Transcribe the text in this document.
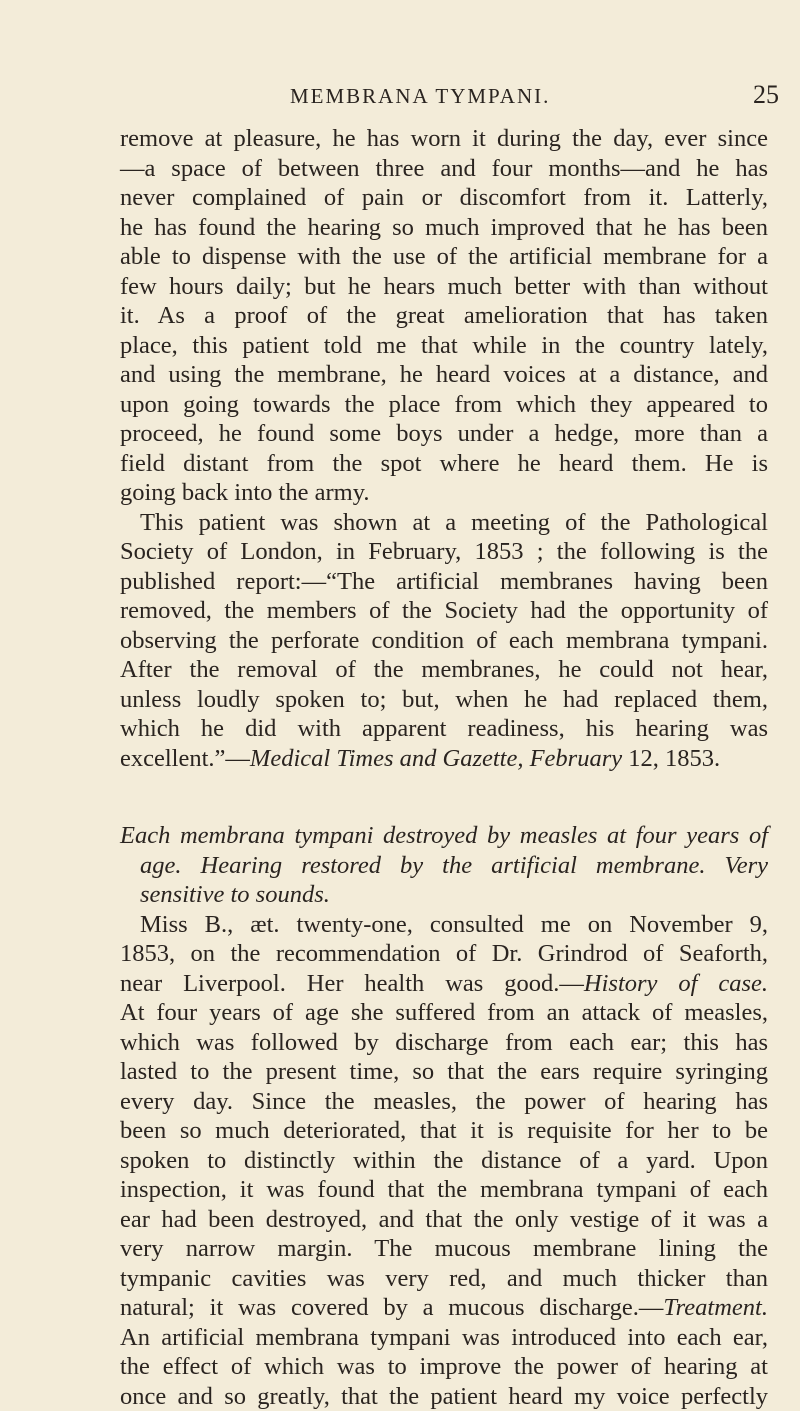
MEMBRANA TYMPANI.	25
remove at pleasure, he has worn it during the day, ever since
—a space of between three and four months—and he has
never complained of pain or discomfort from it. Latterly,
he has found the hearing so much improved that he has been
able to dispense with the use of the artificial membrane for a
few hours daily; but he hears much better with than without
it. As a proof of the great amelioration that has taken
place, this patient told me that while in the country lately,
and using the membrane, he heard voices at a distance, and
upon going towards the place from which they appeared to
proceed, he found some boys under a hedge, more than a
field distant from the spot where he heard them. He is
going back into the army.
This patient was shown at a meeting of the Pathological
Society of London, in February, 1853 ; the following is the
published report:—“The artificial membranes having been
removed, the members of the Society had the opportunity of
observing the perforate condition of each membrana tympani.
After the removal of the membranes, he could not hear,
unless loudly spoken to; but, when he had replaced them,
which he did with apparent readiness, his hearing was
excellent.”—Medical Times and Gazette, February 12, 1853.
Each membrana tympani destroyed by measles at four years of
age. Hearing restored by the artificial membrane. Very
sensitive to sounds.
Miss B., æt. twenty-one, consulted me on November 9,
1853, on the recommendation of Dr. Grindrod of Seaforth,
near Liverpool. Her health was good.—History of case.
At four years of age she suffered from an attack of measles,
which was followed by discharge from each ear; this has
lasted to the present time, so that the ears require syringing
every day. Since the measles, the power of hearing has
been so much deteriorated, that it is requisite for her to be
spoken to distinctly within the distance of a yard. Upon
inspection, it was found that the membrana tympani of each
ear had been destroyed, and that the only vestige of it was a
very narrow margin. The mucous membrane lining the
tympanic cavities was very red, and much thicker than
natural; it was covered by a mucous discharge.—Treatment.
An artificial membrana tympani was introduced into each ear,
the effect of which was to improve the power of hearing at
once and so greatly, that the patient heard my voice perfectly
